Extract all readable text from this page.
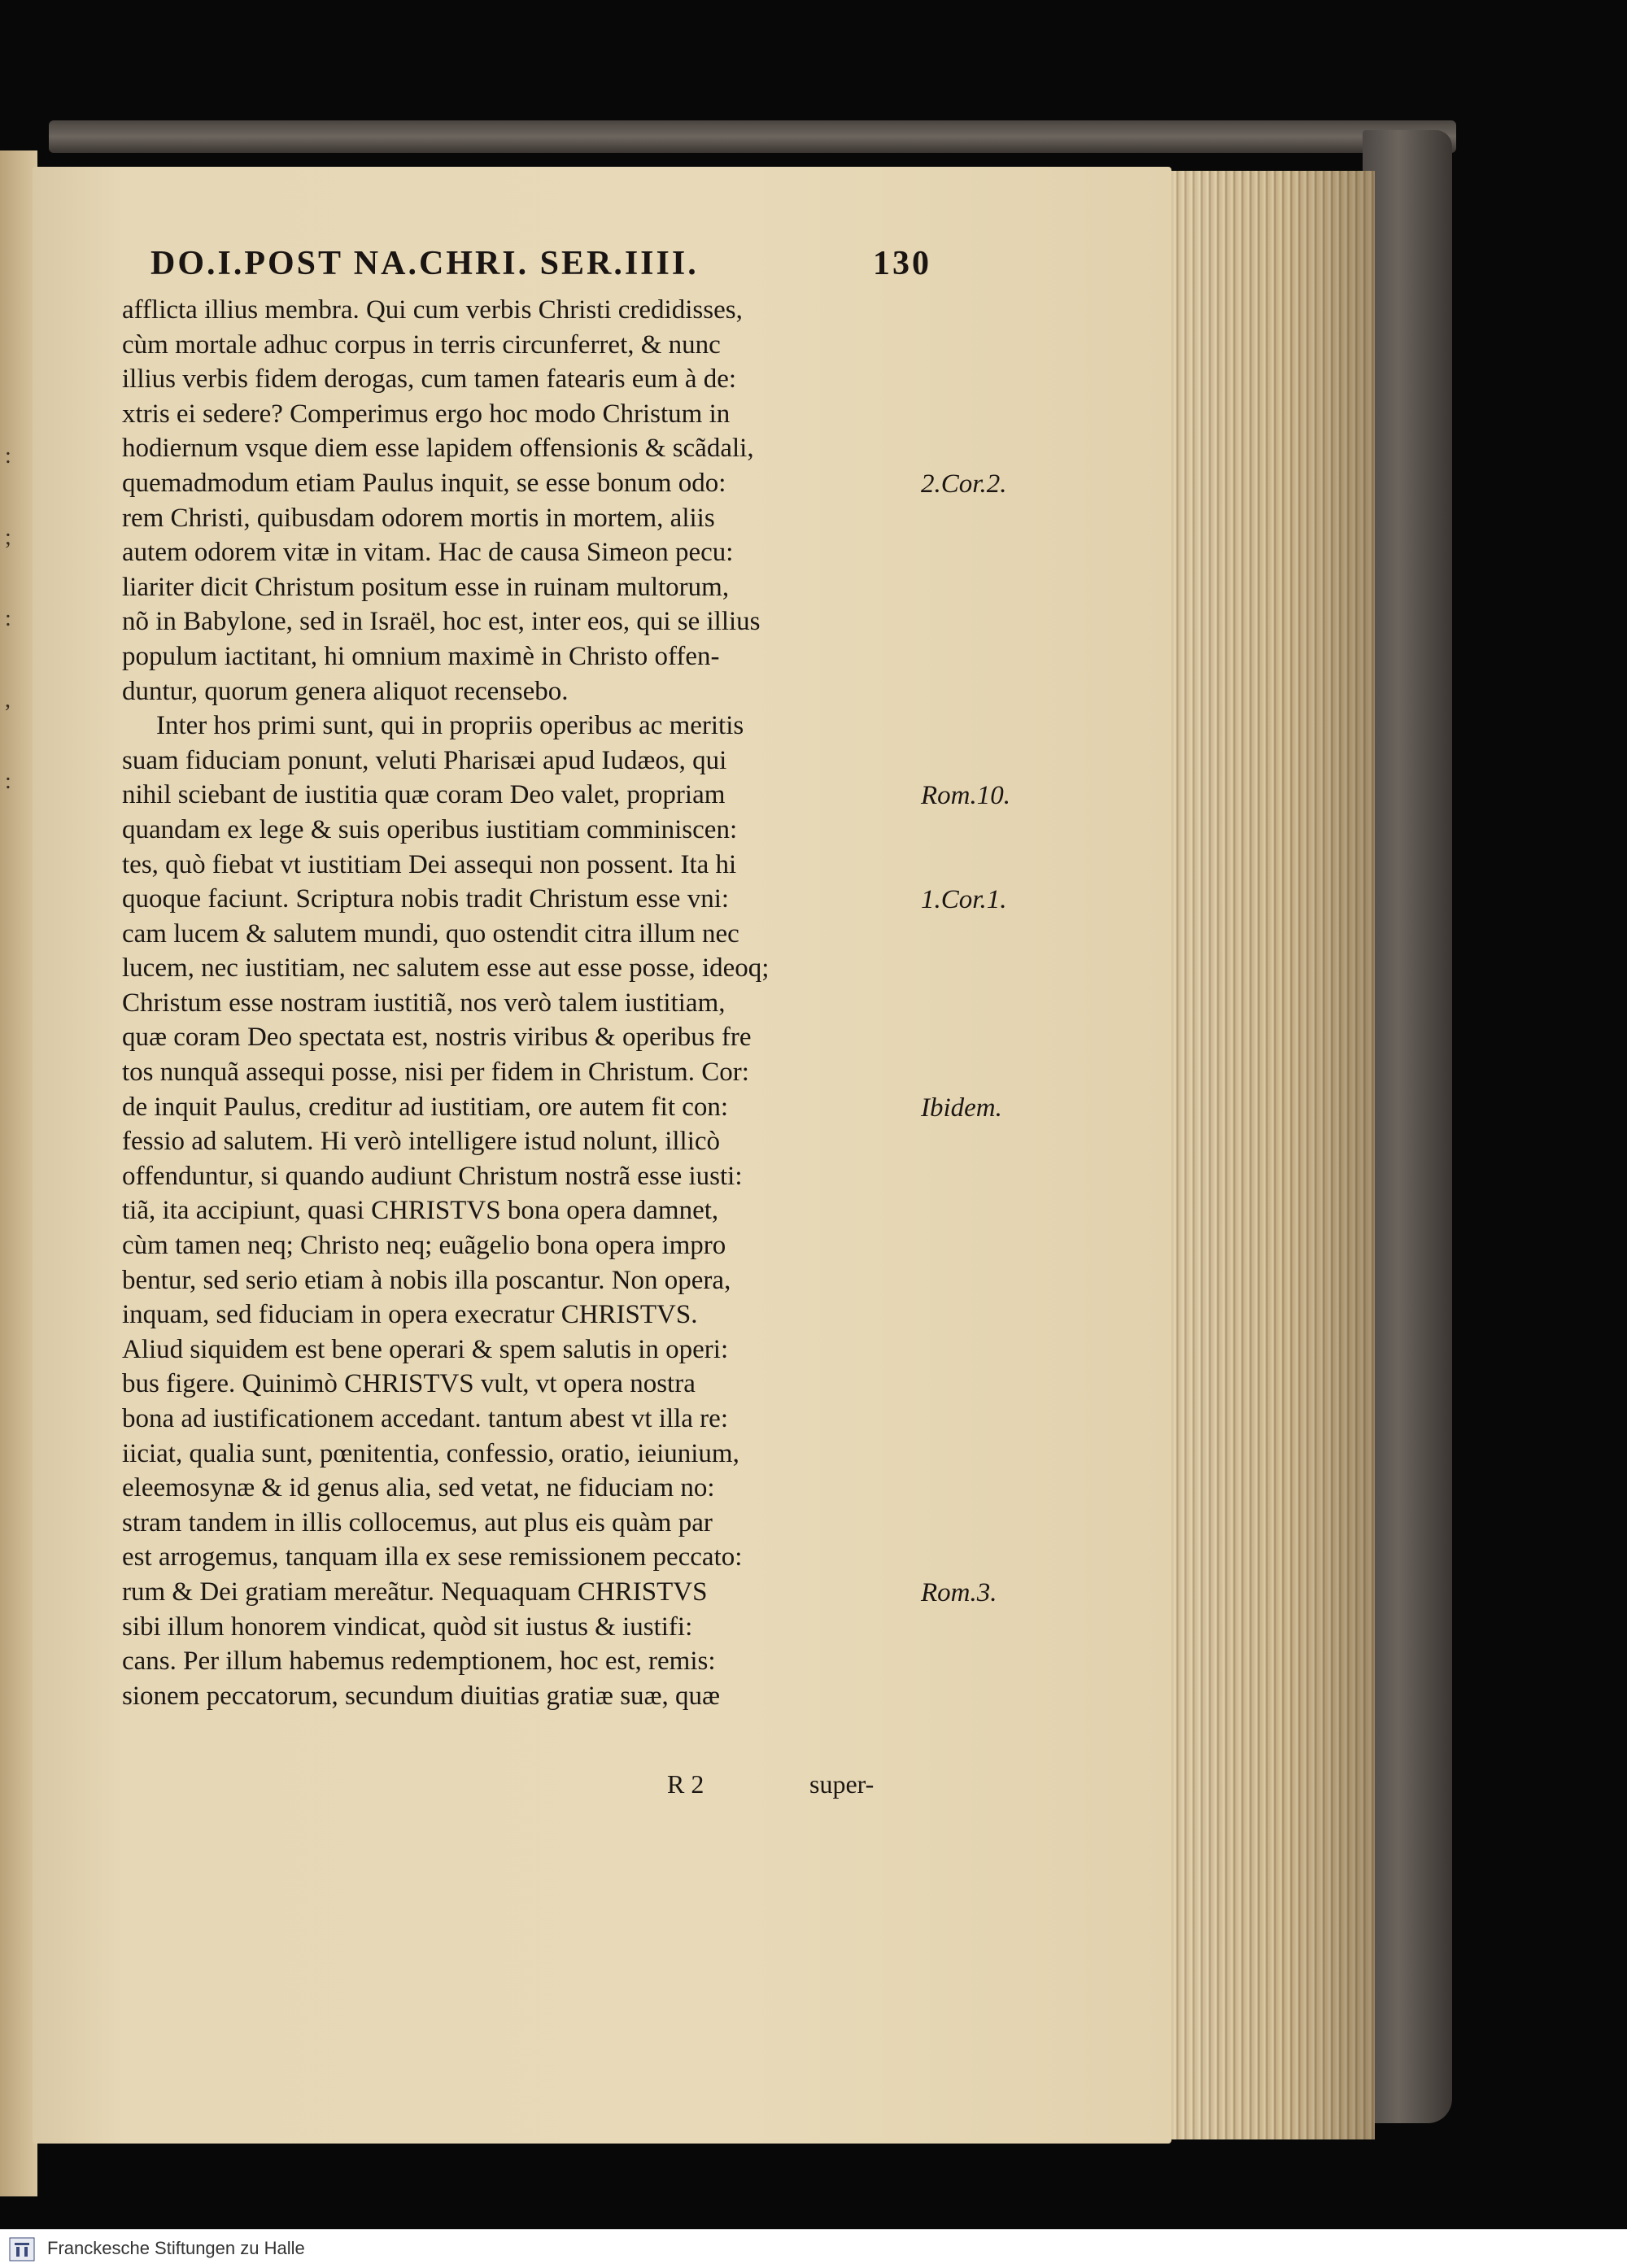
:
;
:
,
:
DO.I.POST NA.CHRI. SER.IIII.	130
afflicta illius membra. Qui cum verbis Christi credidisses,
cùm mortale adhuc corpus in terris circunferret, & nunc
illius verbis fidem derogas, cum tamen fatearis eum à de:
xtris ei sedere? Comperimus ergo hoc modo Christum in
hodiernum vsque diem esse lapidem offensionis & scãdali,
quemadmodum etiam Paulus inquit, se esse bonum odo:
rem Christi, quibusdam odorem mortis in mortem, aliis
autem odorem vitæ in vitam. Hac de causa Simeon pecu:
liariter dicit Christum positum esse in ruinam multorum,
nõ in Babylone, sed in Israël, hoc est, inter eos, qui se illius
populum iactitant, hi omnium maximè in Christo offen-
duntur, quorum genera aliquot recensebo.
Inter hos primi sunt, qui in propriis operibus ac meritis
suam fiduciam ponunt, veluti Pharisæi apud Iudæos, qui
nihil sciebant de iustitia quæ coram Deo valet, propriam
quandam ex lege & suis operibus iustitiam comminiscen:
tes, quò fiebat vt iustitiam Dei assequi non possent. Ita hi
quoque faciunt. Scriptura nobis tradit Christum esse vni:
cam lucem & salutem mundi, quo ostendit citra illum nec
lucem, nec iustitiam, nec salutem esse aut esse posse, ideoq;
Christum esse nostram iustitiã, nos verò talem iustitiam,
quæ coram Deo spectata est, nostris viribus & operibus fre
tos nunquã assequi posse, nisi per fidem in Christum. Cor:
de inquit Paulus, creditur ad iustitiam, ore autem fit con:
fessio ad salutem. Hi verò intelligere istud nolunt, illicò
offenduntur, si quando audiunt Christum nostrã esse iusti:
tiã, ita accipiunt, quasi CHRISTVS bona opera damnet,
cùm tamen neq; Christo neq; euãgelio bona opera impro
bentur, sed serio etiam à nobis illa poscantur. Non opera,
inquam, sed fiduciam in opera execratur CHRISTVS.
Aliud siquidem est bene operari & spem salutis in operi:
bus figere. Quinimò CHRISTVS vult, vt opera nostra
bona ad iustificationem accedant. tantum abest vt illa re:
iiciat, qualia sunt, pœnitentia, confessio, oratio, ieiunium,
eleemosynæ & id genus alia, sed vetat, ne fiduciam no:
stram tandem in illis collocemus, aut plus eis quàm par
est arrogemus, tanquam illa ex sese remissionem peccato:
rum & Dei gratiam mereãtur. Nequaquam CHRISTVS
sibi illum honorem vindicat, quòd sit iustus & iustifi:
cans. Per illum habemus redemptionem, hoc est, remis:
sionem peccatorum, secundum diuitias gratiæ suæ, quæ
2.Cor.2.
Rom.10.
1.Cor.1.
Ibidem.
Rom.3.
R 2	super-
Franckesche Stiftungen zu Halle
